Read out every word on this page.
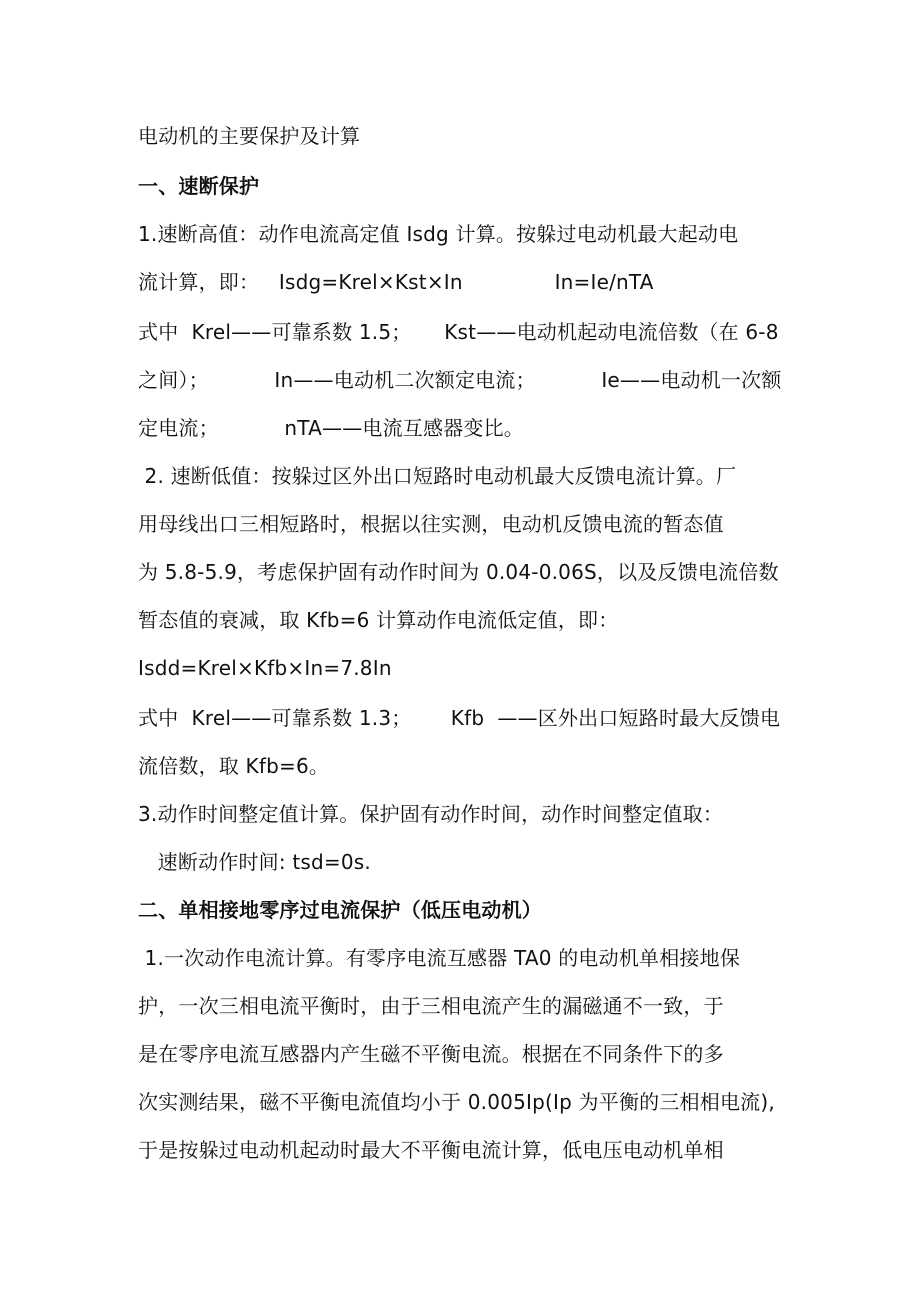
电动机的主要保护及计算
一、速断保护
1.速断高值：动作电流高定值 Isdg 计算。按躲过电动机最大起动电
流计算，即：   Isdg=Krel×Kst×In              In=Ie/nTA
式中  Krel——可靠系数 1.5；     Kst——电动机起动电流倍数（在 6-8
之间）；          In——电动机二次额定电流；          Ie——电动机一次额
定电流；          nTA——电流互感器变比。
2. 速断低值：按躲过区外出口短路时电动机最大反馈电流计算。厂
用母线出口三相短路时，根据以往实测，电动机反馈电流的暂态值
为 5.8-5.9，考虑保护固有动作时间为 0.04-0.06S，以及反馈电流倍数
暂态值的衰减，取 Kfb=6 计算动作电流低定值，即：
Isdd=Krel×Kfb×In=7.8In
式中  Krel——可靠系数 1.3；      Kfb  ——区外出口短路时最大反馈电
流倍数，取 Kfb=6。
3.动作时间整定值计算。保护固有动作时间，动作时间整定值取：
速断动作时间: tsd=0s.
二、单相接地零序过电流保护（低压电动机）
1.一次动作电流计算。有零序电流互感器 TA0 的电动机单相接地保
护，一次三相电流平衡时，由于三相电流产生的漏磁通不一致，于
是在零序电流互感器内产生磁不平衡电流。根据在不同条件下的多
次实测结果，磁不平衡电流值均小于 0.005Ip(Ip 为平衡的三相相电流),
于是按躲过电动机起动时最大不平衡电流计算，低电压电动机单相
